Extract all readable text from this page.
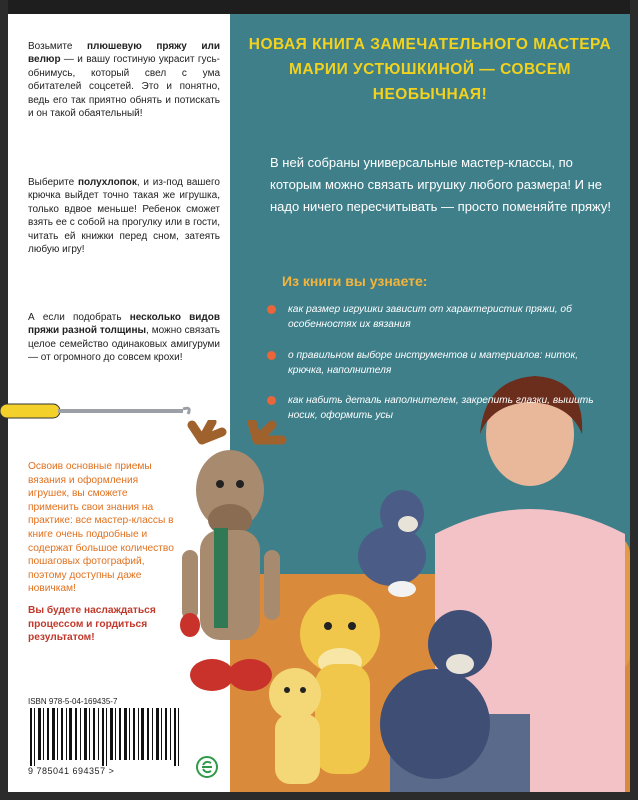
Возьмите плюшевую пряжу или велюр — и вашу гостиную украсит гусь-обнимусь, который свел с ума обитателей соцсетей. Это и понятно, ведь его так приятно обнять и потискать и он такой обаятельный!
Выберите полухлопок, и из-под вашего крючка выйдет точно такая же игрушка, только вдвое меньше! Ребенок сможет взять ее с собой на прогулку или в гости, читать ей книжки перед сном, затеять любую игру!
А если подобрать несколько видов пряжи разной толщины, можно связать целое семейство одинаковых амигуруми — от огромного до совсем крохи!
Освоив основные приемы вязания и оформления игрушек, вы сможете применить свои знания на практике: все мастер-классы в книге очень подробные и содержат большое количество пошаговых фотографий, поэтому доступны даже новичкам!
Вы будете наслаждаться процессом и гордиться результатом!
НОВАЯ КНИГА ЗАМЕЧАТЕЛЬНОГО МАСТЕРА МАРИИ УСТЮШКИНОЙ — СОВСЕМ НЕОБЫЧНАЯ!
В ней собраны универсальные мастер-классы, по которым можно связать игрушку любого размера! И не надо ничего пересчитывать — просто поменяйте пряжу!
Из книги вы узнаете:
как размер игрушки зависит от характеристик пряжи, об особенностях их вязания
о правильном выборе инструментов и материалов: ниток, крючка, наполнителя
как набить деталь наполнителем, закрепить глазки, вышить носик, оформить усы
ISBN 978-5-04-169435-7
9 785041 694357 >
